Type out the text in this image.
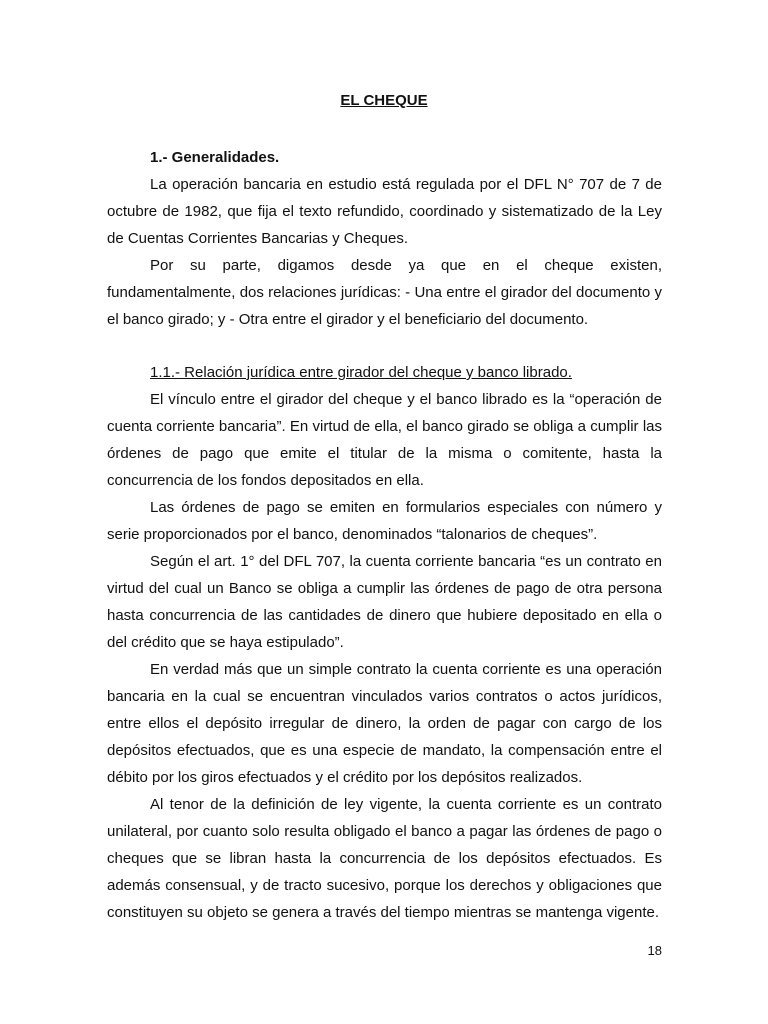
EL CHEQUE

1.- Generalidades.

La operación bancaria en estudio está regulada por el DFL N° 707 de 7 de octubre de 1982, que fija el texto refundido, coordinado y sistematizado de la Ley de Cuentas Corrientes Bancarias y Cheques.

Por su parte, digamos desde ya que en el cheque existen, fundamentalmente, dos relaciones jurídicas: - Una entre el girador del documento y el banco girado; y - Otra entre el girador y el beneficiario del documento.

1.1.- Relación jurídica entre girador del cheque y banco librado.

El vínculo entre el girador del cheque y el banco librado es la “operación de cuenta corriente bancaria”. En virtud de ella, el banco girado se obliga a cumplir las órdenes de pago que emite el titular de la misma o comitente, hasta la concurrencia de los fondos depositados en ella.

Las órdenes de pago se emiten en formularios especiales con número y serie proporcionados por el banco, denominados “talonarios de cheques”.

Según el art. 1° del DFL 707, la cuenta corriente bancaria “es un contrato en virtud del cual un Banco se obliga a cumplir las órdenes de pago de otra persona hasta concurrencia de las cantidades de dinero que hubiere depositado en ella o del crédito que se haya estipulado”.

En verdad más que un simple contrato la cuenta corriente es una operación bancaria en la cual se encuentran vinculados varios contratos o actos jurídicos, entre ellos el depósito irregular de dinero, la orden de pagar con cargo de los depósitos efectuados, que es una especie de mandato, la compensación entre el débito por los giros efectuados y el crédito por los depósitos realizados.

Al tenor de la definición de ley vigente, la cuenta corriente es un contrato unilateral, por cuanto solo resulta obligado el banco a pagar las órdenes de pago o cheques que se libran hasta la concurrencia de los depósitos efectuados. Es además consensual, y de tracto sucesivo, porque los derechos y obligaciones que constituyen su objeto se genera a través del tiempo mientras se mantenga vigente.

18
